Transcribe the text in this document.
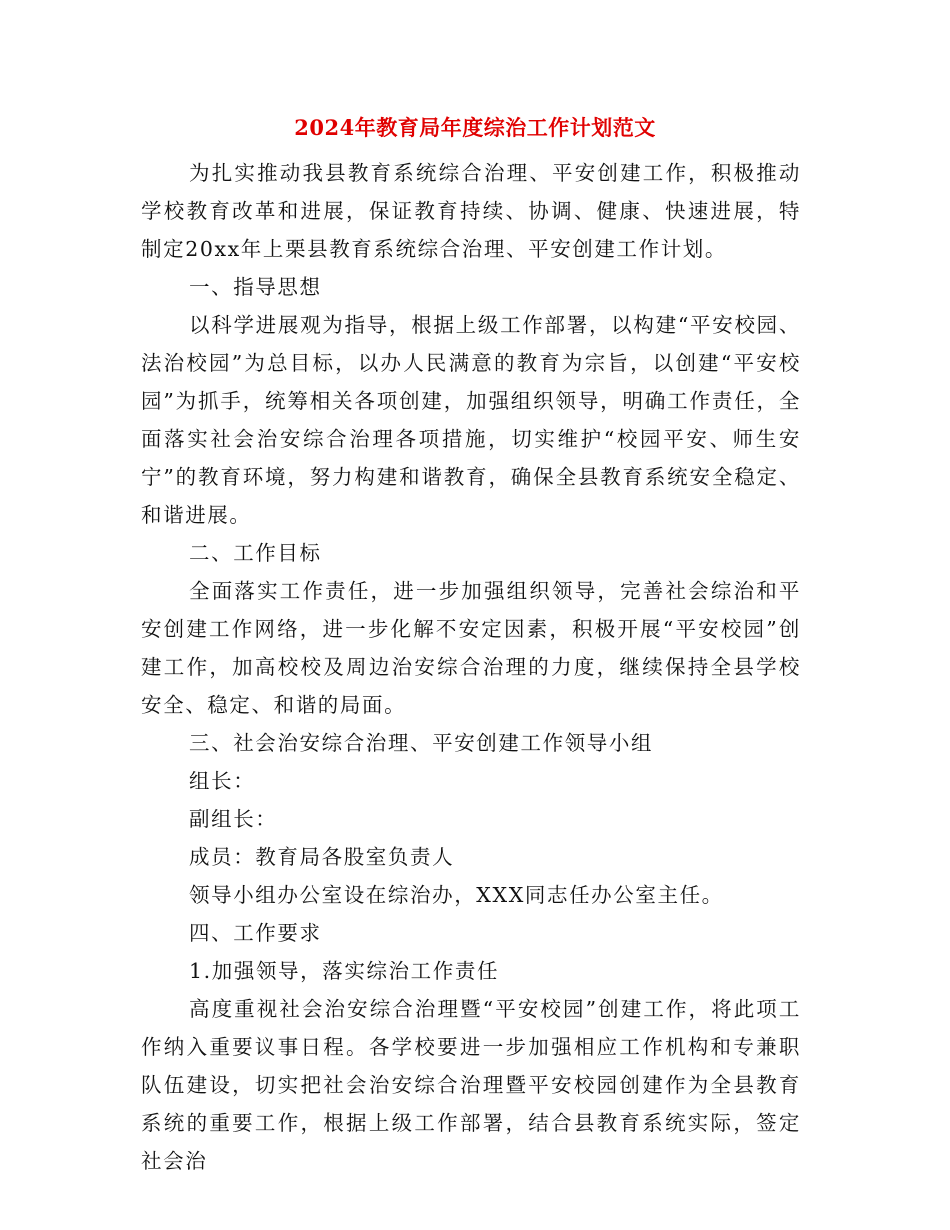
2024年教育局年度综治工作计划范文

为扎实推动我县教育系统综合治理、平安创建工作，积极推动学校教育改革和进展，保证教育持续、协调、健康、快速进展，特制定20xx年上栗县教育系统综合治理、平安创建工作计划。

一、指导思想

以科学进展观为指导，根据上级工作部署，以构建“平安校园、法治校园”为总目标，以办人民满意的教育为宗旨，以创建“平安校园”为抓手，统筹相关各项创建，加强组织领导，明确工作责任，全面落实社会治安综合治理各项措施，切实维护“校园平安、师生安宁”的教育环境，努力构建和谐教育，确保全县教育系统安全稳定、和谐进展。

二、工作目标

全面落实工作责任，进一步加强组织领导，完善社会综治和平安创建工作网络，进一步化解不安定因素，积极开展“平安校园”创建工作，加高校校及周边治安综合治理的力度，继续保持全县学校安全、稳定、和谐的局面。

三、社会治安综合治理、平安创建工作领导小组

组长：

副组长：

成员：教育局各股室负责人

领导小组办公室设在综治办，XXX同志任办公室主任。

四、工作要求

1.加强领导，落实综治工作责任

高度重视社会治安综合治理暨“平安校园”创建工作，将此项工作纳入重要议事日程。各学校要进一步加强相应工作机构和专兼职队伍建设，切实把社会治安综合治理暨平安校园创建作为全县教育系统的重要工作，根据上级工作部署，结合县教育系统实际，签定社会治
